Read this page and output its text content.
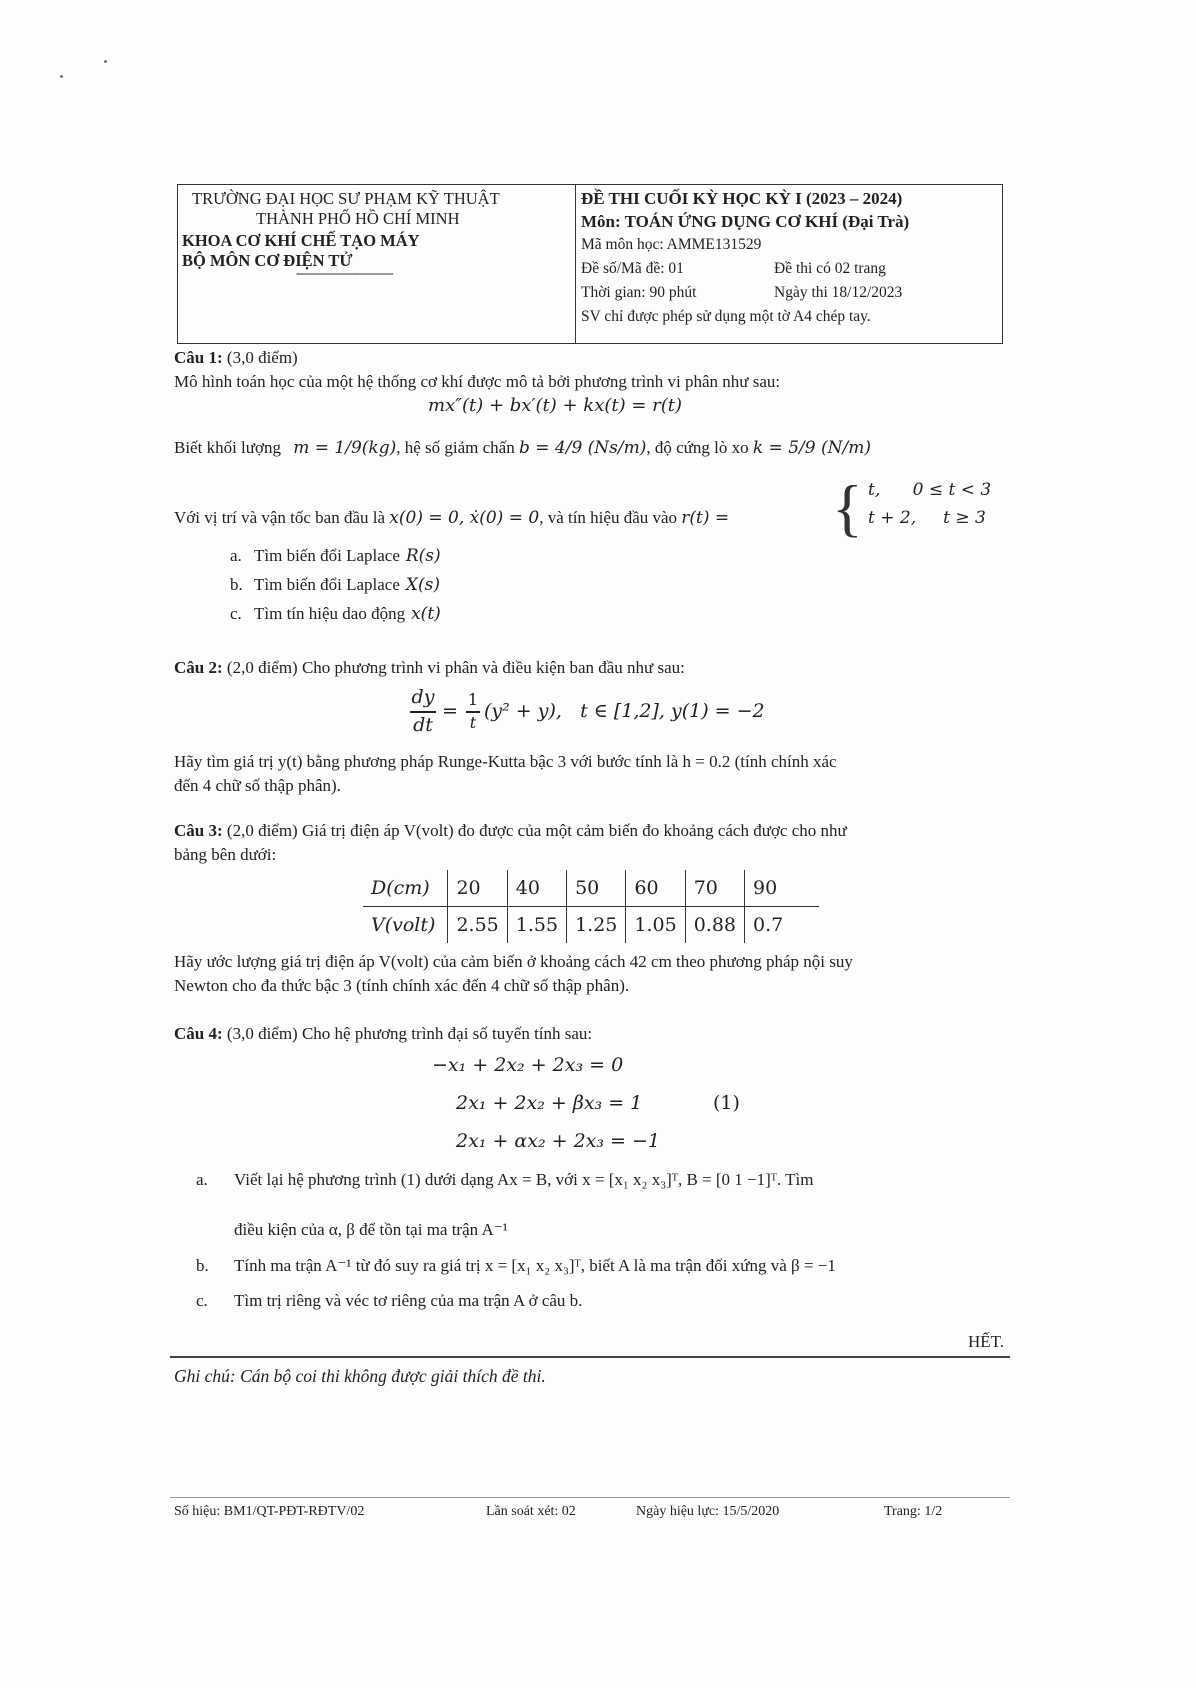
TRƯỜNG ĐẠI HỌC SƯ PHẠM KỸ THUẬT
THÀNH PHỐ HỒ CHÍ MINH
KHOA CƠ KHÍ CHẾ TẠO MÁY
BỘ MÔN CƠ ĐIỆN TỬ
-----------------------------
ĐỀ THI CUỐI KỲ HỌC KỲ I (2023 – 2024)
Môn: TOÁN ỨNG DỤNG CƠ KHÍ (Đại Trà)
Mã môn học: AMME131529
Đề số/Mã đề: 01	Đề thi có 02 trang
Thời gian: 90 phút	Ngày thi 18/12/2023
SV chỉ được phép sử dụng một tờ A4 chép tay.
Câu 1: (3,0 điểm)
Mô hình toán học của một hệ thống cơ khí được mô tả bởi phương trình vi phân như sau:
mx″(t) + bx′(t) + kx(t) = r(t)
Biết khối lượng m = 1/9(kg), hệ số giảm chấn b = 4/9 (Ns/m), độ cứng lò xo k = 5/9 (N/m)
Với vị trí và vận tốc ban đầu là x(0) = 0, ẋ(0) = 0, và tín hiệu đầu vào r(t) = { t,      0 ≤ t < 3
t + 2,     t ≥ 3
a. Tìm biến đổi Laplace R(s)
b. Tìm biến đổi Laplace X(s)
c. Tìm tín hiệu dao động x(t)
Câu 2: (2,0 điểm) Cho phương trình vi phân và điều kiện ban đầu như sau:
dy
dt
=
1
t
(y² + y),   t ∈ [1,2], y(1) = −2
Hãy tìm giá trị y(t) bằng phương pháp Runge-Kutta bậc 3 với bước tính là h = 0.2 (tính chính xác
đến 4 chữ số thập phân).
Câu 3: (2,0 điểm) Giá trị điện áp V(volt) đo được của một cảm biến đo khoảng cách được cho như
bảng bên dưới:
D(cm)	20	40	50	60	70	90
V(volt)	2.55	1.55	1.25	1.05	0.88	0.7
Hãy ước lượng giá trị điện áp V(volt) của cảm biến ở khoảng cách 42 cm theo phương pháp nội suy
Newton cho đa thức bậc 3 (tính chính xác đến 4 chữ số thập phân).
Câu 4: (3,0 điểm) Cho hệ phương trình đại số tuyến tính sau:
−x₁ + 2x₂ + 2x₃ = 0
2x₁ + 2x₂ + βx₃ = 1	(1)
2x₁ + αx₂ + 2x₃ = −1
a. Viết lại hệ phương trình (1) dưới dạng Ax = B, với x = [x₁ x₂ x₃]ᵀ, B = [0 1 −1]ᵀ. Tìm
điều kiện của α, β để tồn tại ma trận A⁻¹
b. Tính ma trận A⁻¹ từ đó suy ra giá trị x = [x₁ x₂ x₃]ᵀ, biết A là ma trận đối xứng và β = −1
c. Tìm trị riêng và véc tơ riêng của ma trận A ở câu b.
HẾT.
Ghi chú: Cán bộ coi thi không được giải thích đề thi.
Số hiệu: BM1/QT-PĐT-RĐTV/02	Lần soát xét: 02	Ngày hiệu lực: 15/5/2020	Trang: 1/2
